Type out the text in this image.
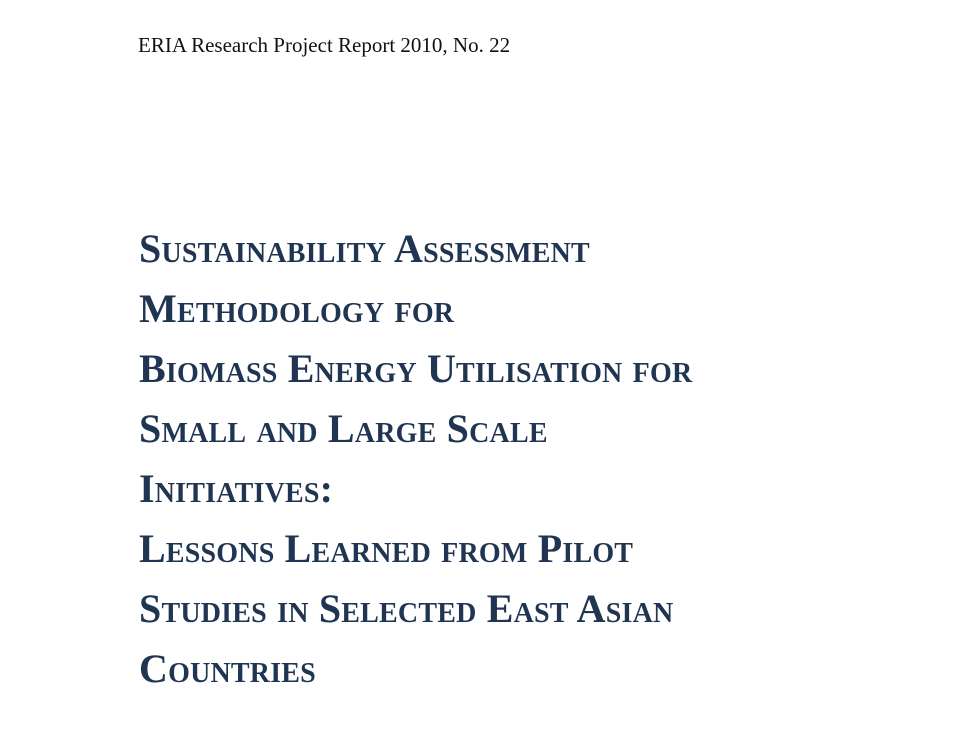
ERIA Research Project Report 2010, No. 22
Sustainability Assessment
Methodology for
Biomass Energy Utilisation for
Small and Large Scale
Initiatives:
Lessons Learned from Pilot
Studies in Selected East Asian
Countries
